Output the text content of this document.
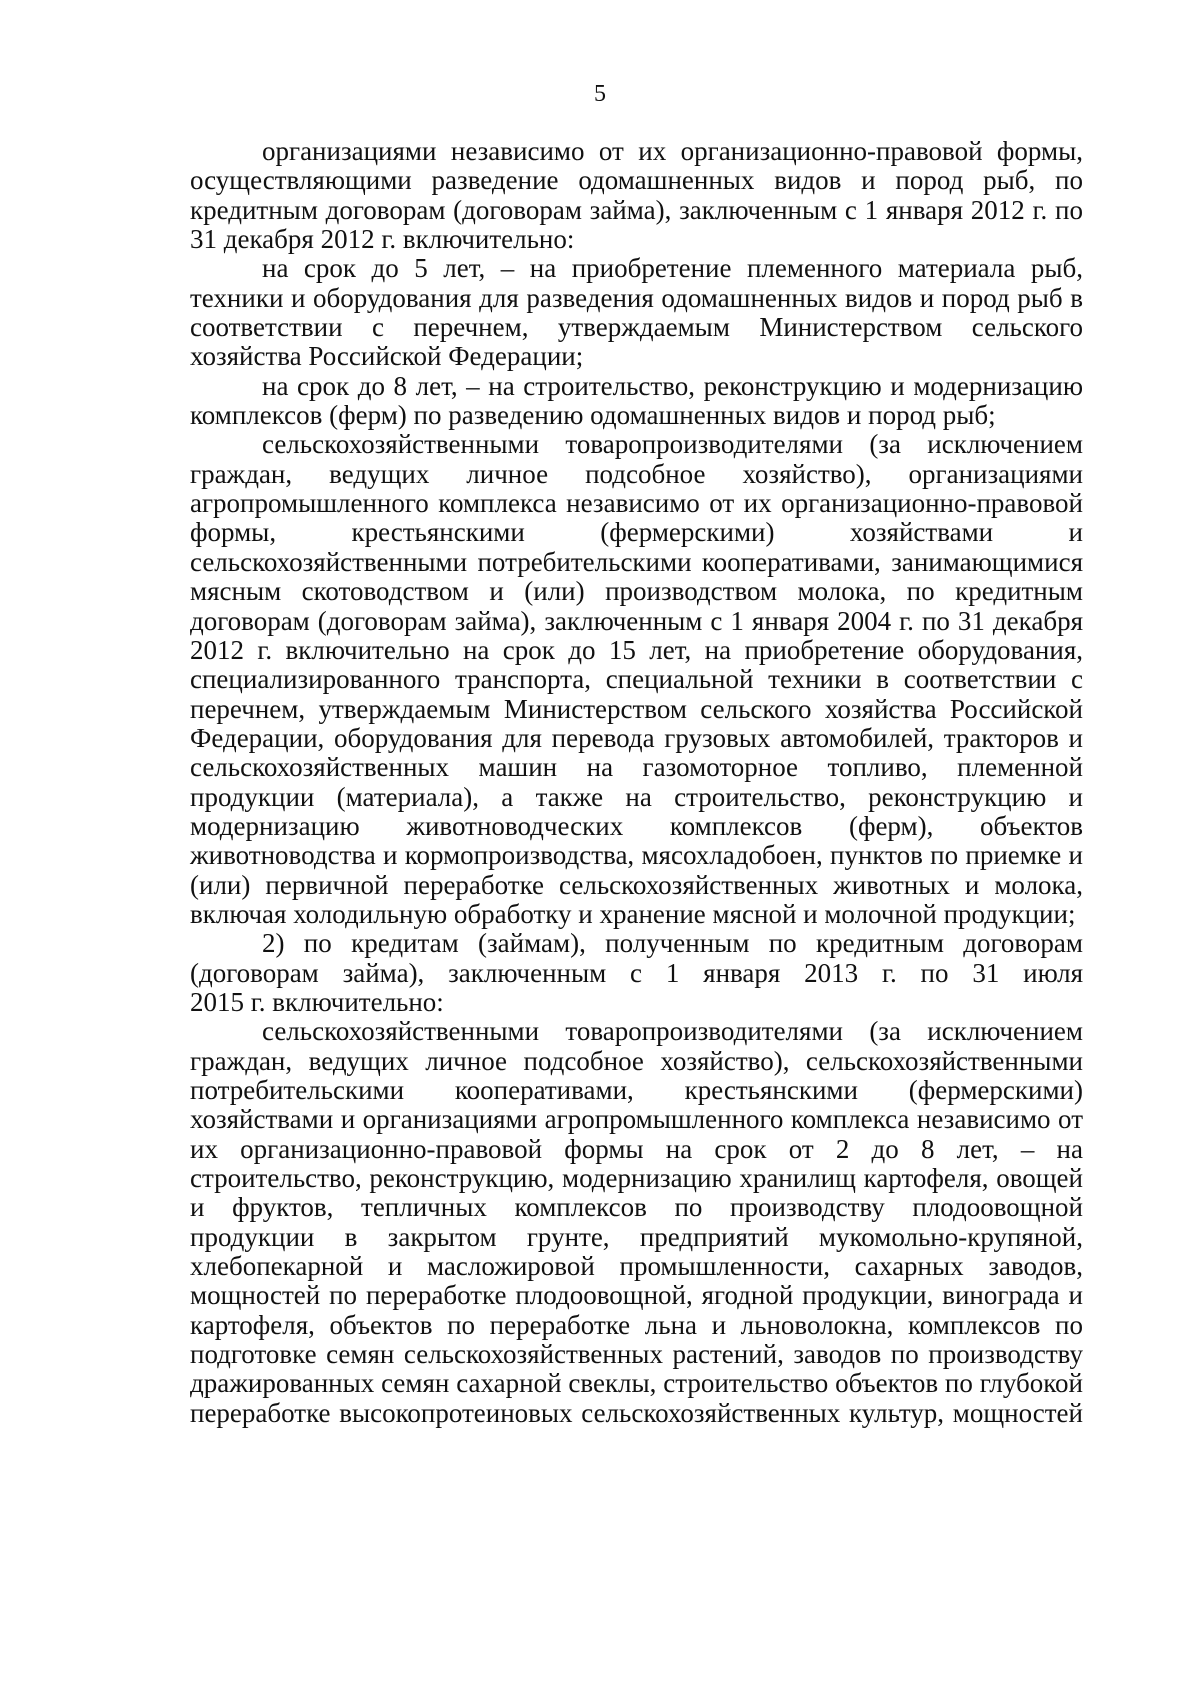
5
организациями независимо от их организационно-правовой формы,
осуществляющими разведение одомашненных видов и пород рыб, по
кредитным договорам (договорам займа), заключенным с 1 января 2012 г. по
31 декабря 2012 г. включительно:
на срок до 5 лет, – на приобретение племенного материала рыб,
техники и оборудования для разведения одомашненных видов и пород рыб в
соответствии с перечнем, утверждаемым Министерством сельского
хозяйства Российской Федерации;
на срок до 8 лет, – на строительство, реконструкцию и модернизацию
комплексов (ферм) по разведению одомашненных видов и пород рыб;
сельскохозяйственными товаропроизводителями (за исключением
граждан, ведущих личное подсобное хозяйство), организациями
агропромышленного комплекса независимо от их организационно-правовой
формы, крестьянскими (фермерскими) хозяйствами и
сельскохозяйственными потребительскими кооперативами, занимающимися
мясным скотоводством и (или) производством молока, по кредитным
договорам (договорам займа), заключенным с 1 января 2004 г. по 31 декабря
2012 г. включительно на срок до 15 лет, на приобретение оборудования,
специализированного транспорта, специальной техники в соответствии с
перечнем, утверждаемым Министерством сельского хозяйства Российской
Федерации, оборудования для перевода грузовых автомобилей, тракторов и
сельскохозяйственных машин на газомоторное топливо, племенной
продукции (материала), а также на строительство, реконструкцию и
модернизацию животноводческих комплексов (ферм), объектов
животноводства и кормопроизводства, мясохладобоен, пунктов по приемке и
(или) первичной переработке сельскохозяйственных животных и молока,
включая холодильную обработку и хранение мясной и молочной продукции;
2) по кредитам (займам), полученным по кредитным договорам
(договорам займа), заключенным с 1 января 2013 г. по 31 июля
2015 г. включительно:
сельскохозяйственными товаропроизводителями (за исключением
граждан, ведущих личное подсобное хозяйство), сельскохозяйственными
потребительскими кооперативами, крестьянскими (фермерскими)
хозяйствами и организациями агропромышленного комплекса независимо от
их организационно-правовой формы на срок от 2 до 8 лет, – на
строительство, реконструкцию, модернизацию хранилищ картофеля, овощей
и фруктов, тепличных комплексов по производству плодоовощной
продукции в закрытом грунте, предприятий мукомольно-крупяной,
хлебопекарной и масложировой промышленности, сахарных заводов,
мощностей по переработке плодоовощной, ягодной продукции, винограда и
картофеля, объектов по переработке льна и льноволокна, комплексов по
подготовке семян сельскохозяйственных растений, заводов по производству
дражированных семян сахарной свеклы, строительство объектов по глубокой
переработке высокопротеиновых сельскохозяйственных культур, мощностей
